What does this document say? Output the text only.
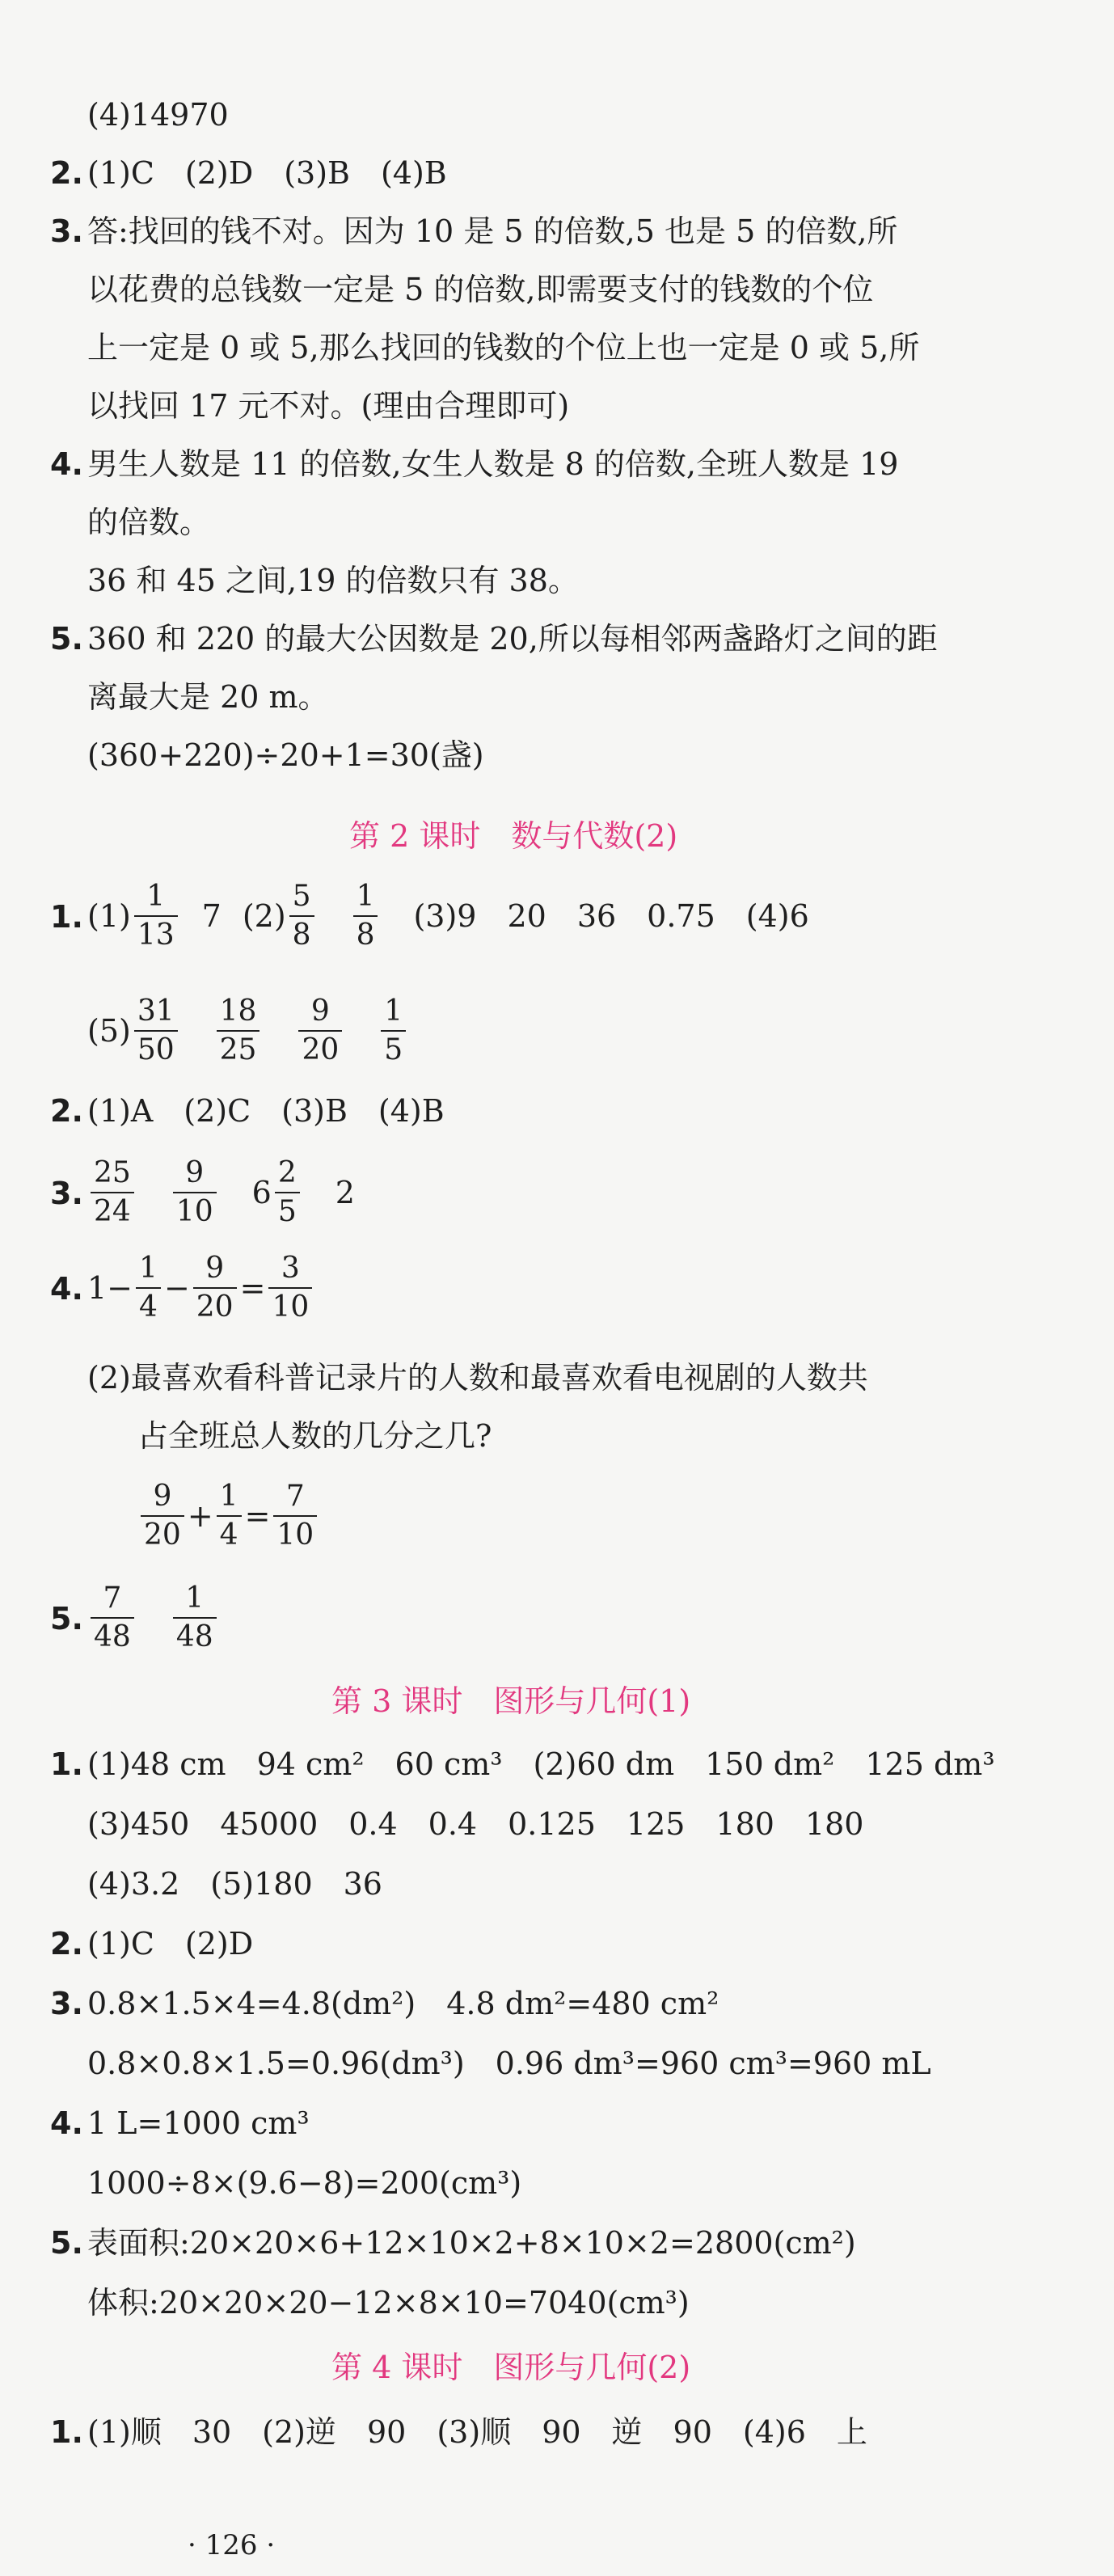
(4)14970
2. (1)C　(2)D　(3)B　(4)B
3. 答:找回的钱不对。因为 10 是 5 的倍数,5 也是 5 的倍数,所
以花费的总钱数一定是 5 的倍数,即需要支付的钱数的个位
上一定是 0 或 5,那么找回的钱数的个位上也一定是 0 或 5,所
以找回 17 元不对。(理由合理即可)
4. 男生人数是 11 的倍数,女生人数是 8 的倍数,全班人数是 19
的倍数。
36 和 45 之间,19 的倍数只有 38。
5. 360 和 220 的最大公因数是 20,所以每相邻两盏路灯之间的距
离最大是 20 m。
(360+220)÷20+1=30(盏)
第 2 课时　数与代数(2)
1. $(1) \frac{1}{13} 7$ $(2) \frac{5}{8} \frac{1}{8} (3)9$　20　36　0.75　(4)6
$(5) \frac{31}{50} \frac{18}{25} \frac{9}{20} \frac{1}{5}$
2. (1)A　(2)C　(3)B　(4)B
3. $\frac{25}{24} \frac{9}{10} 6 \frac{2}{5} 2$
4. $1- \frac{1}{4} - \frac{9}{20} = \frac{3}{10}$
(2)最喜欢看科普记录片的人数和最喜欢看电视剧的人数共
占全班总人数的几分之几?
$\frac{9}{20} + \frac{1}{4} = \frac{7}{10}$
5. $\frac{7}{48} \frac{1}{48}$
第 3 课时　图形与几何(1)
1. (1)48 cm　94 cm²　60 cm³　(2)60 dm　150 dm²　125 dm³
(3)450　45000　0.4　0.4　0.125　125　180　180
(4)3.2　(5)180　36
2. (1)C　(2)D
3. 0.8×1.5×4=4.8(dm²)　4.8 dm²=480 cm²
0.8×0.8×1.5=0.96(dm³)　0.96 dm³=960 cm³=960 mL
4. 1 L=1000 cm³
1000÷8×(9.6−8)=200(cm³)
5. 表面积:20×20×6+12×10×2+8×10×2=2800(cm²)
体积:20×20×20−12×8×10=7040(cm³)
第 4 课时　图形与几何(2)
1. (1)顺　30　(2)逆　90　(3)顺　90　逆　90　(4)6　上
· 126 ·
